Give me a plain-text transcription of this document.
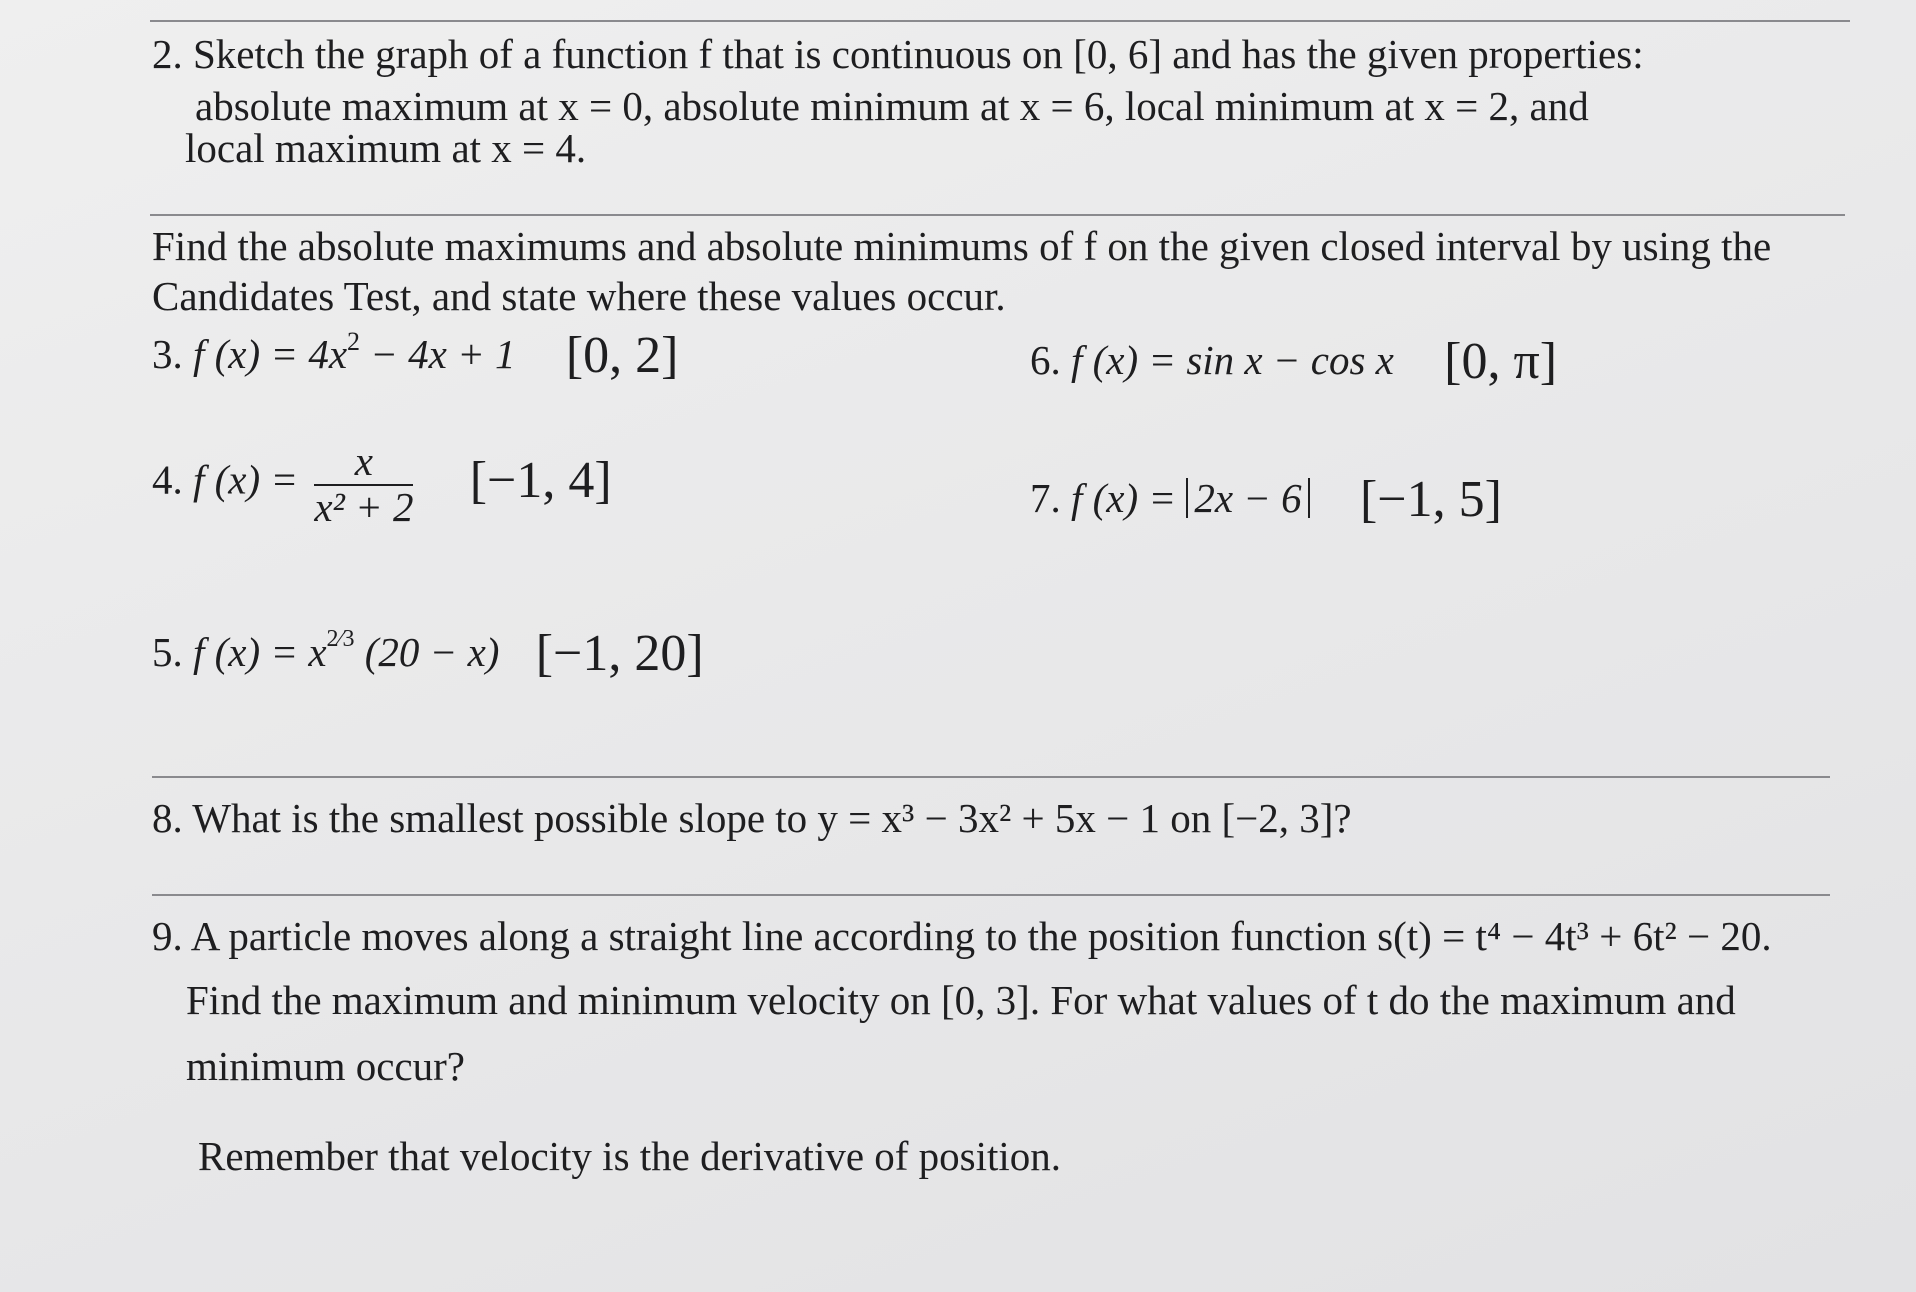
2. Sketch the graph of a function f that is continuous on [0, 6] and has the given properties:
absolute maximum at x = 0, absolute minimum at x = 6, local minimum at x = 2, and
local maximum at x = 4.
Find the absolute maximums and absolute minimums of f on the given closed interval by using the
Candidates Test, and state where these values occur.
3. f $(x) = 4x^2 - 4x + 1$ [0, 2]	6. f (x) = sin x − cos x [0, π]
4. f $(x) = \frac{x}{\text{x² + 2}} [-1$, 4]	7. f (x) = 2x − 6 [−1, 5]
5. f $(x) = x^{2⁄3}$ (20 − x) [−1, 20]
8. What is the smallest possible slope to y = x³ − 3x² + 5x − 1 on [−2, 3]?
9. A particle moves along a straight line according to the position function s(t) = t⁴ − 4t³ + 6t² − 20.
Find the maximum and minimum velocity on [0, 3]. For what values of t do the maximum and
minimum occur?
Remember that velocity is the derivative of position.
